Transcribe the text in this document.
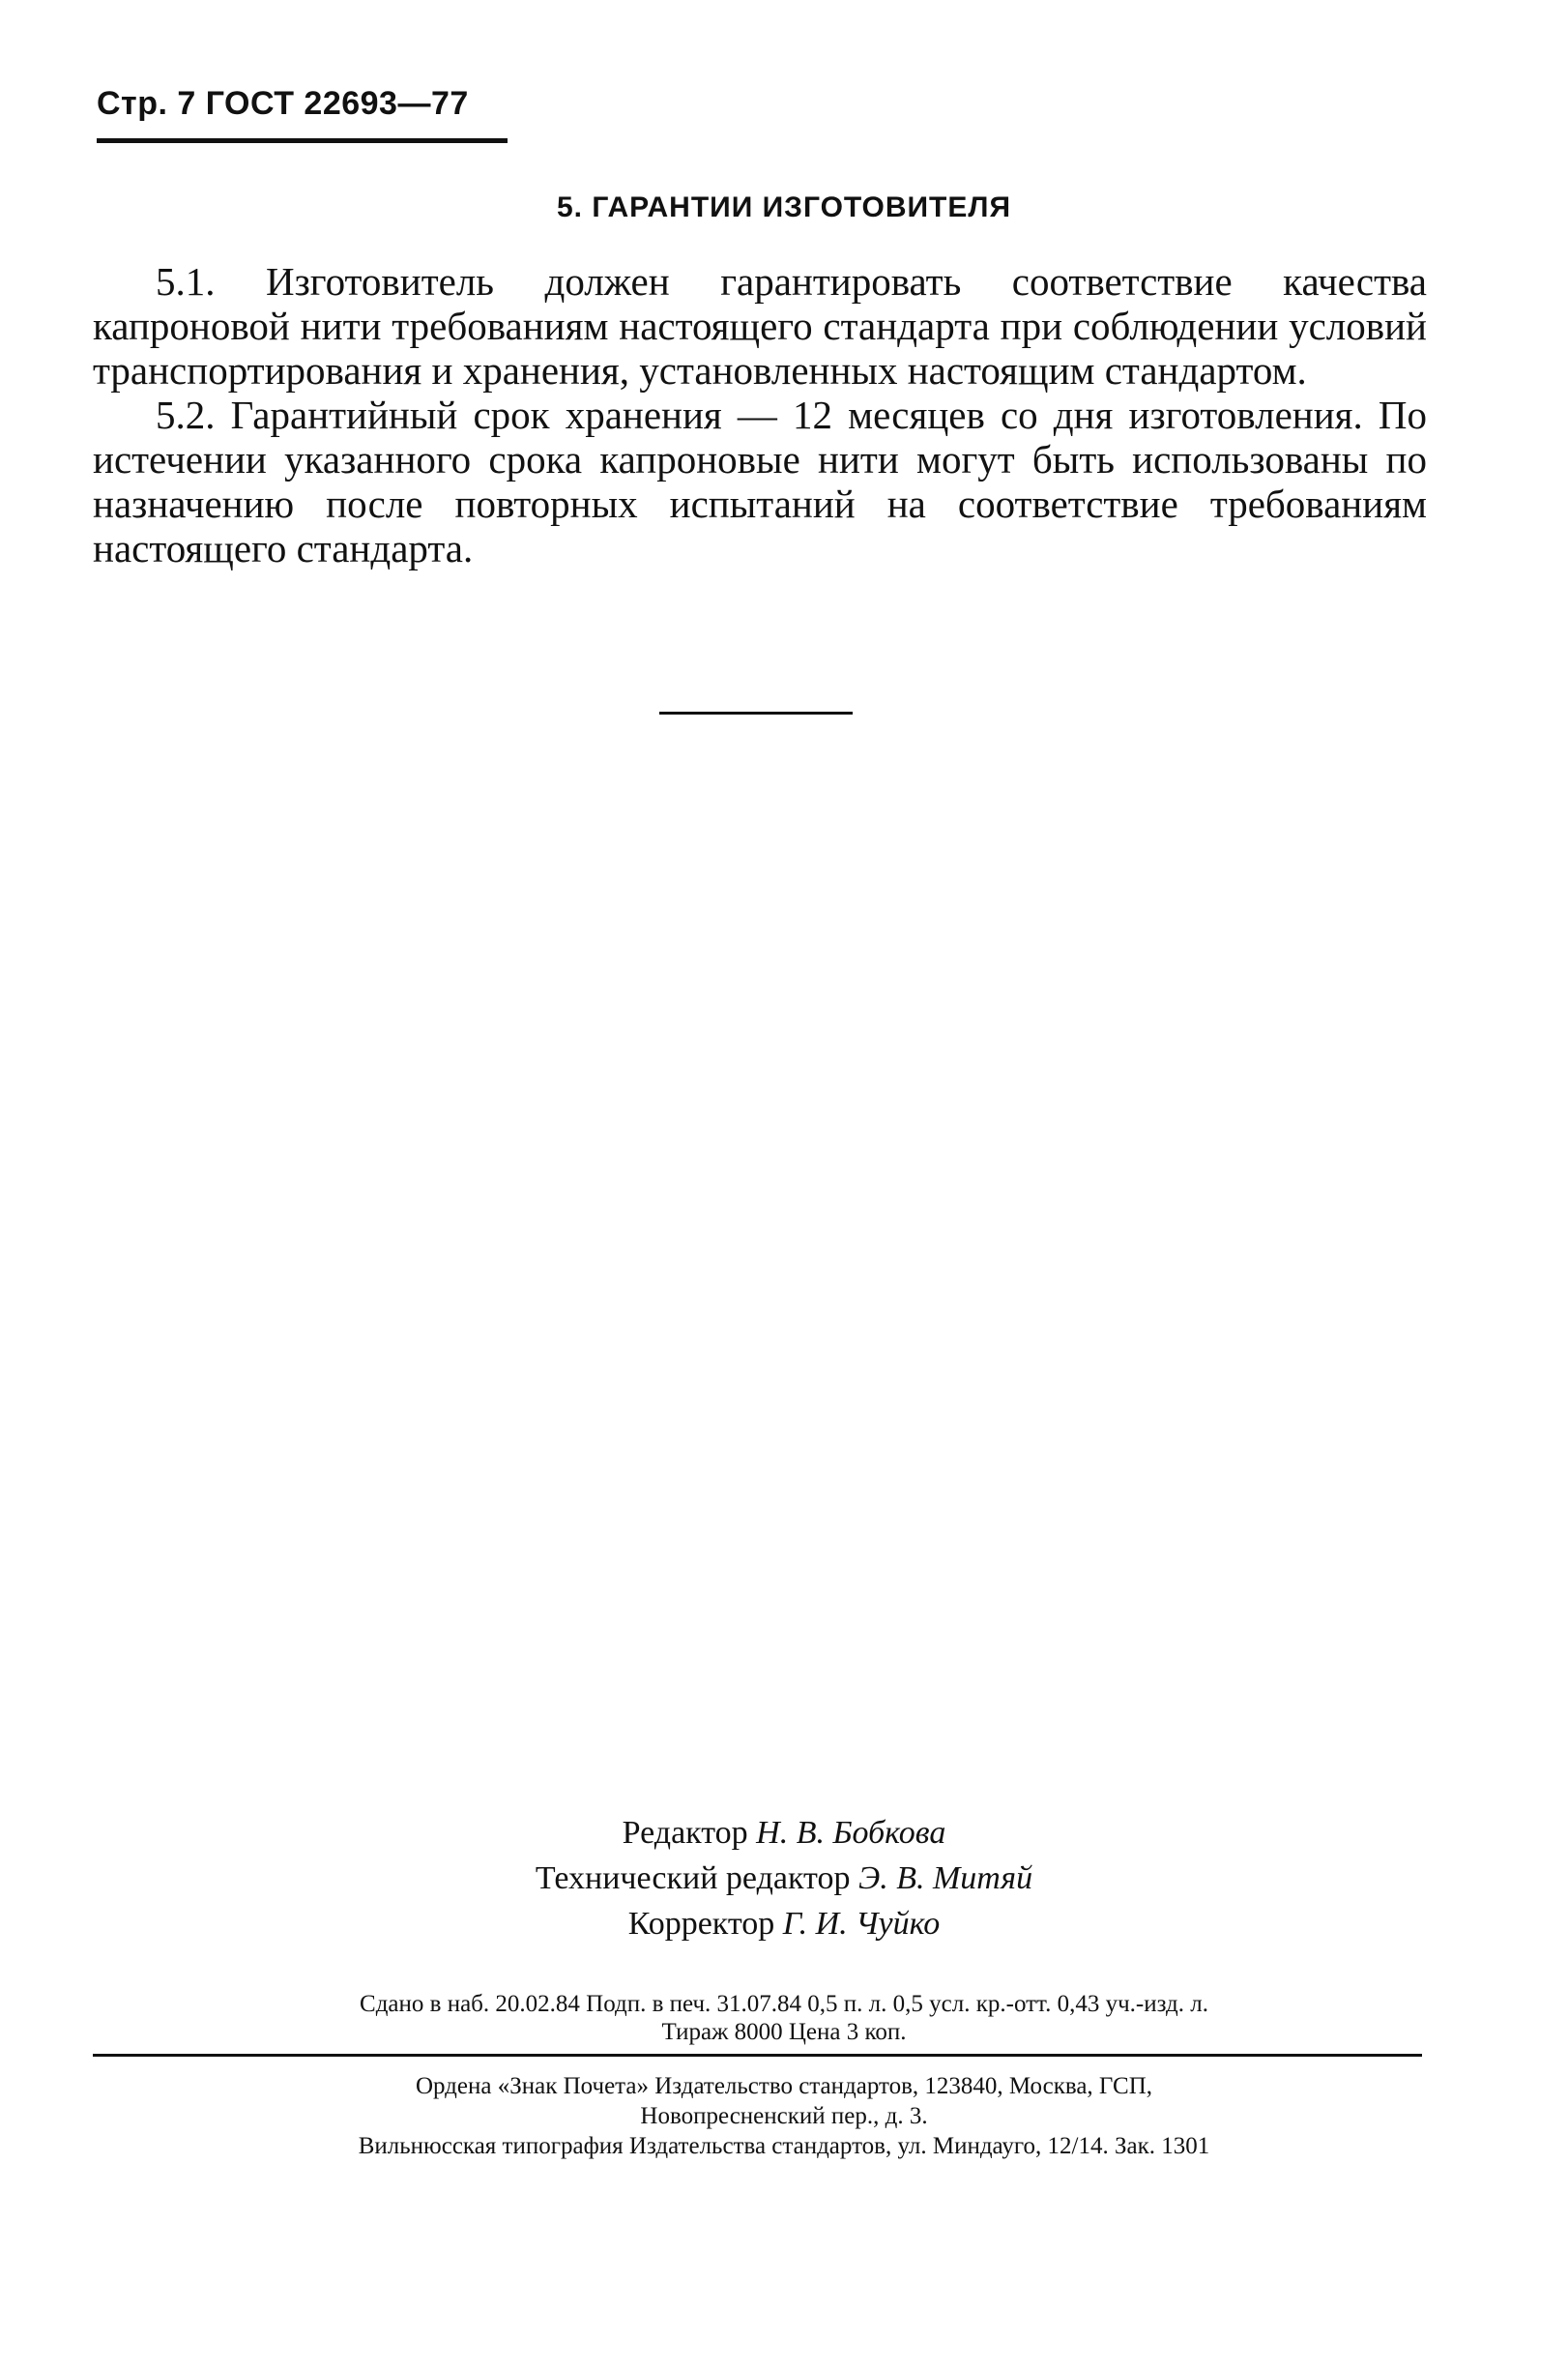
Стр. 7 ГОСТ 22693—77
5. ГАРАНТИИ ИЗГОТОВИТЕЛЯ

5.1. Изготовитель должен гарантировать соответствие качества капроновой нити требованиям настоящего стандарта при соблюдении условий транспортирования и хранения, установленных настоящим стандартом.

5.2. Гарантийный срок хранения — 12 месяцев со дня изготовления. По истечении указанного срока капроновые нити могут быть использованы по назначению после повторных испытаний на соответствие требованиям настоящего стандарта.

Редактор Н. В. Бобкова
Технический редактор Э. В. Митяй
Корректор Г. И. Чуйко
Сдано в наб. 20.02.84 Подп. в печ. 31.07.84 0,5 п. л. 0,5 усл. кр.-отт. 0,43 уч.-изд. л.
Тираж 8000 Цена 3 коп.
Ордена «Знак Почета» Издательство стандартов, 123840, Москва, ГСП,
Новопресненский пер., д. 3.
Вильнюсская типография Издательства стандартов, ул. Миндауго, 12/14. Зак. 1301
